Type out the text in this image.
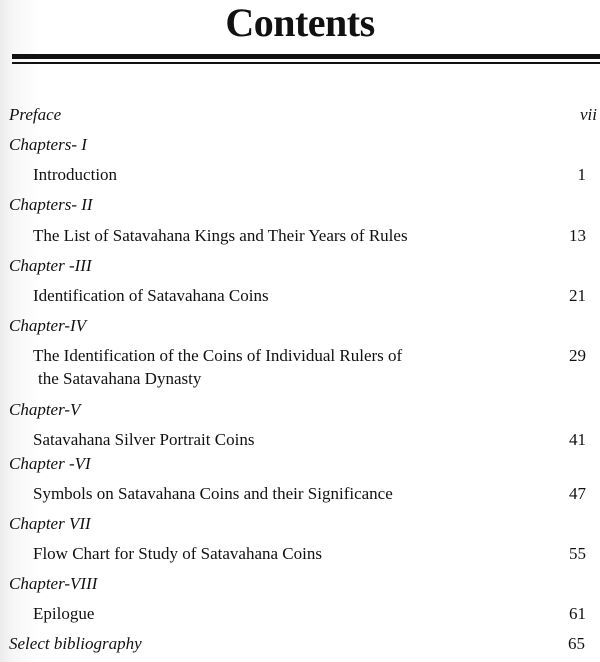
Contents
Preface	vii
Chapters- I
Introduction	1
Chapters- II
The List of Satavahana Kings and Their Years of Rules	13
Chapter -III
Identification of Satavahana Coins	21
Chapter-IV
The Identification of the Coins of Individual Rulers of	29
the Satavahana Dynasty
Chapter-V
Satavahana Silver Portrait Coins	41
Chapter -VI
Symbols on Satavahana Coins and their Significance	47
Chapter VII
Flow Chart for Study of Satavahana Coins	55
Chapter-VIII
Epilogue	61
Select bibliography	65
